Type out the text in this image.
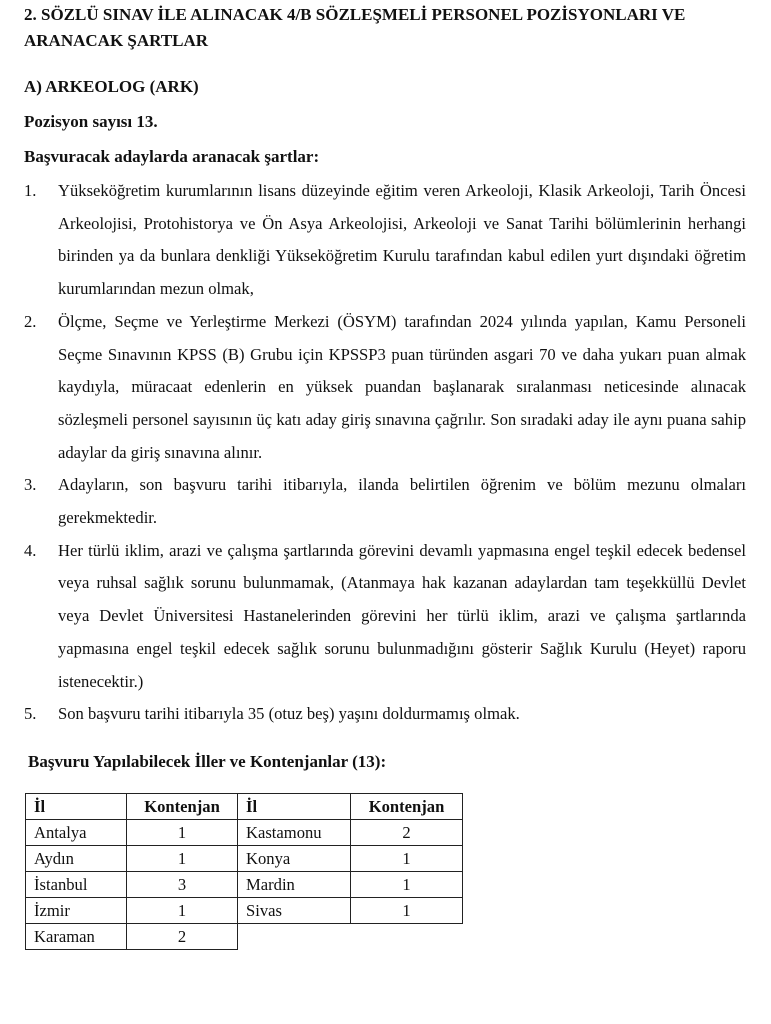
2. SÖZLÜ SINAV İLE ALINACAK 4/B SÖZLEŞMELİ PERSONEL POZİSYONLARI VE ARANACAK ŞARTLAR

A) ARKEOLOG (ARK)

Pozisyon sayısı 13.

Başvuracak adaylarda aranacak şartlar:

1.	Yükseköğretim kurumlarının lisans düzeyinde eğitim veren Arkeoloji, Klasik Arkeoloji, Tarih Öncesi Arkeolojisi, Protohistorya ve Ön Asya Arkeolojisi, Arkeoloji ve Sanat Tarihi bölümlerinin herhangi birinden ya da bunlara denkliği Yükseköğretim Kurulu tarafından kabul edilen yurt dışındaki öğretim kurumlarından mezun olmak,
2.	Ölçme, Seçme ve Yerleştirme Merkezi (ÖSYM) tarafından 2024 yılında yapılan, Kamu Personeli Seçme Sınavının KPSS (B) Grubu için KPSSP3 puan türünden asgari 70 ve daha yukarı puan almak kaydıyla, müracaat edenlerin en yüksek puandan başlanarak sıralanması neticesinde alınacak sözleşmeli personel sayısının üç katı aday giriş sınavına çağrılır. Son sıradaki aday ile aynı puana sahip adaylar da giriş sınavına alınır.
3.	Adayların, son başvuru tarihi itibarıyla, ilanda belirtilen öğrenim ve bölüm mezunu olmaları gerekmektedir.
4.	Her türlü iklim, arazi ve çalışma şartlarında görevini devamlı yapmasına engel teşkil edecek bedensel veya ruhsal sağlık sorunu bulunmamak, (Atanmaya hak kazanan adaylardan tam teşekküllü Devlet veya Devlet Üniversitesi Hastanelerinden görevini her türlü iklim, arazi ve çalışma şartlarında yapmasına engel teşkil edecek sağlık sorunu bulunmadığını gösterir Sağlık Kurulu (Heyet) raporu istenecektir.)
5.	Son başvuru tarihi itibarıyla 35 (otuz beş) yaşını doldurmamış olmak.

Başvuru Yapılabilecek İller ve Kontenjanlar (13):

İl	Kontenjan	İl	Kontenjan
Antalya	1	Kastamonu	2
Aydın	1	Konya	1
İstanbul	3	Mardin	1
İzmir	1	Sivas	1
Karaman	2		
